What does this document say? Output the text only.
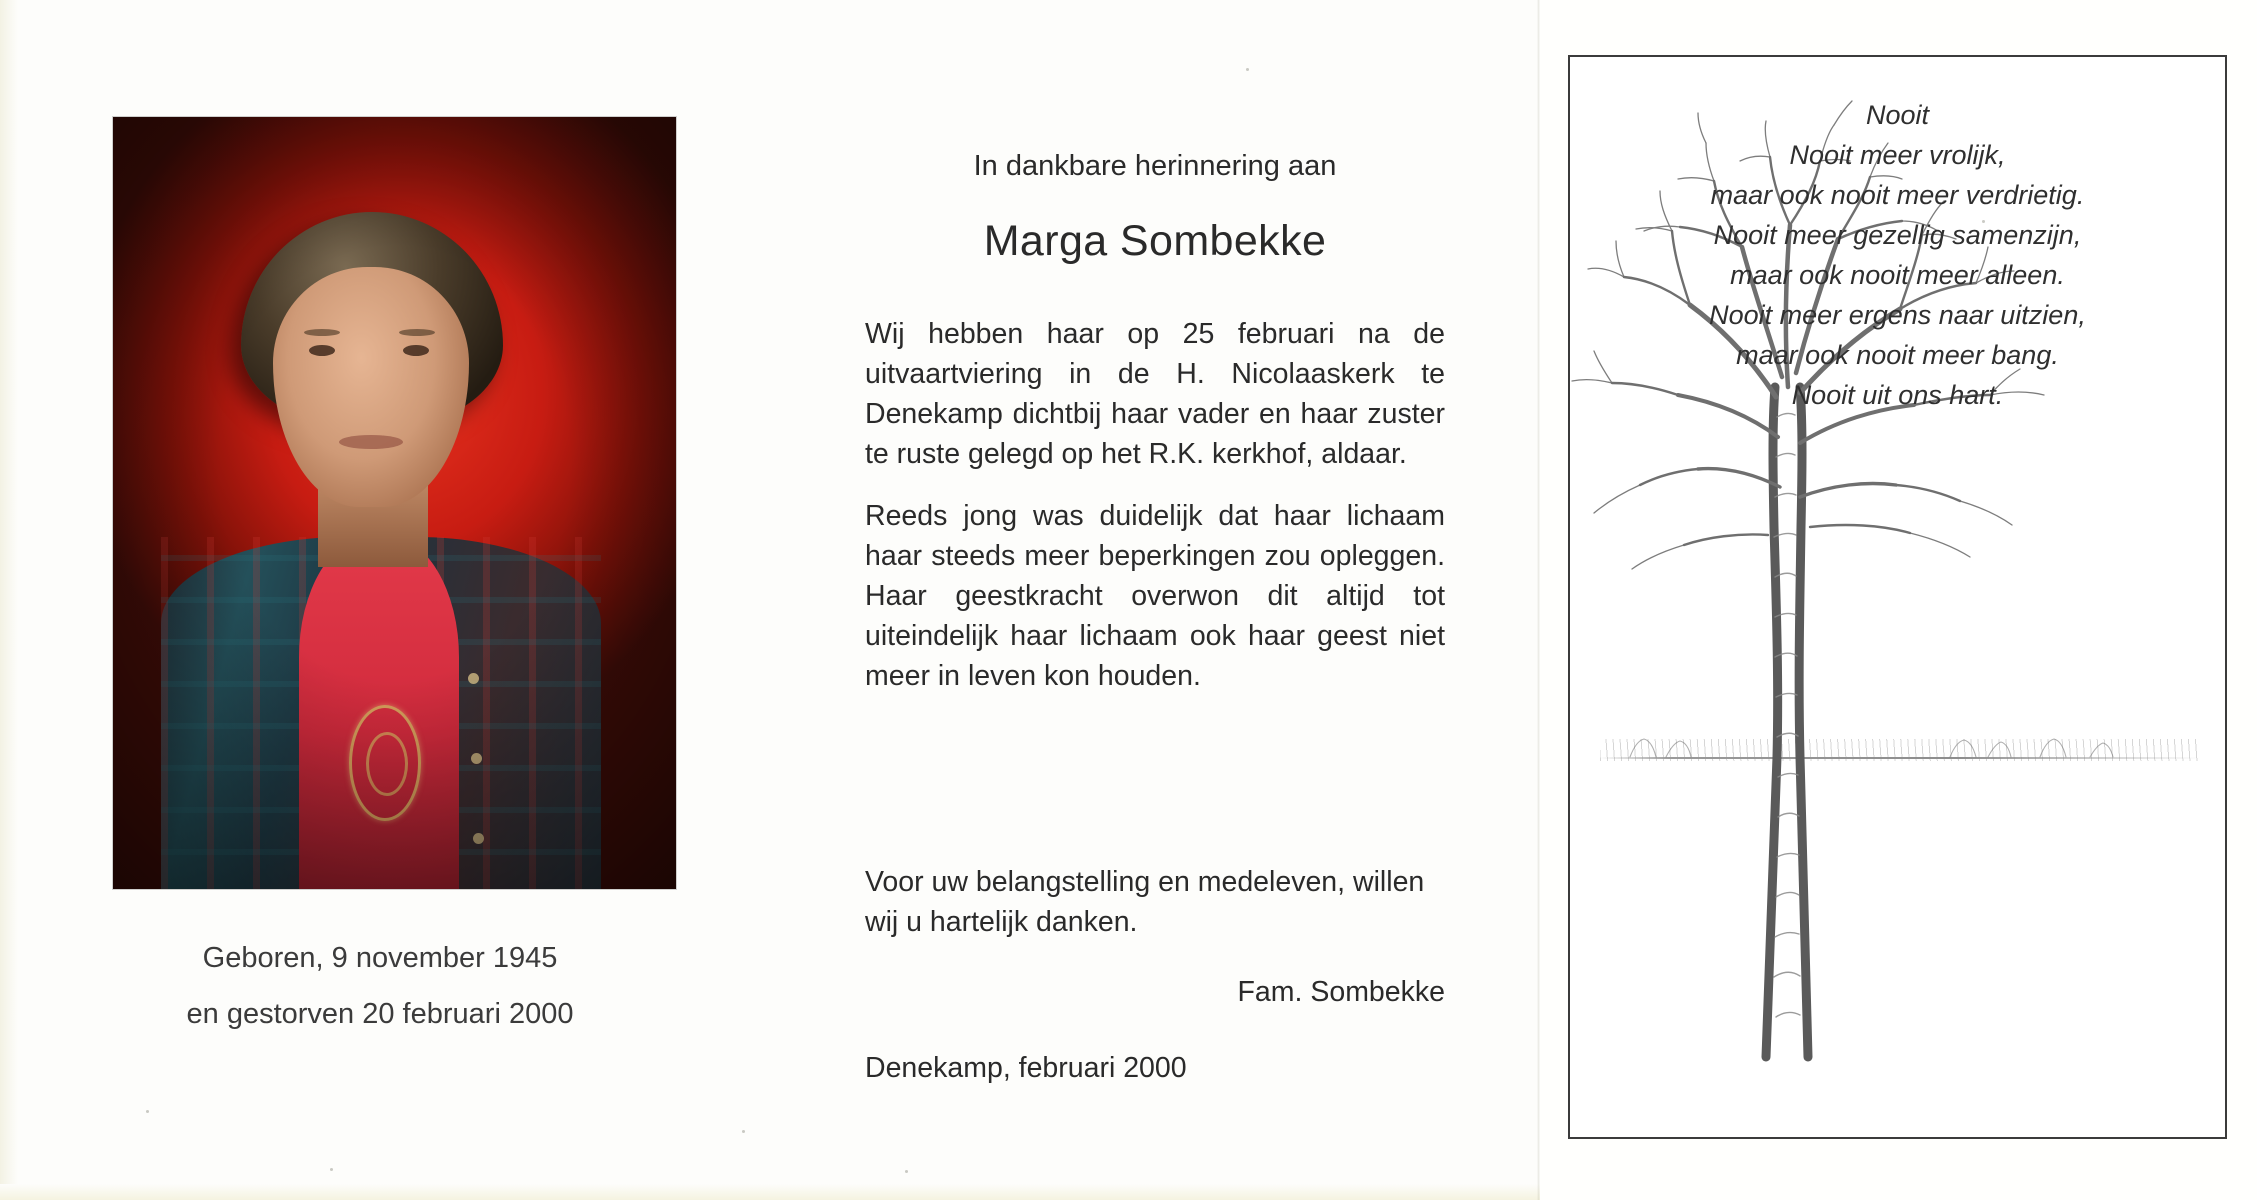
Geboren, 9 november 1945
en gestorven 20 februari 2000

In dankbare herinnering aan

Marga Sombekke

Wij hebben haar op 25 februari na de uitvaartviering in de H. Nicolaaskerk te Denekamp dichtbij haar vader en haar zuster te ruste gelegd op het R.K. kerkhof, aldaar.

Reeds jong was duidelijk dat haar lichaam haar steeds meer beperkingen zou opleggen. Haar geestkracht overwon dit altijd tot uiteindelijk haar lichaam ook haar geest niet meer in leven kon houden.

Voor uw belangstelling en medeleven, willen wij u hartelijk danken.
Fam. Sombekke
Denekamp, februari 2000
Nooit
Nooit meer vrolijk,
maar ook nooit meer verdrietig.
Nooit meer gezellig samenzijn,
maar ook nooit meer alleen.
Nooit meer ergens naar uitzien,
maar ook nooit meer bang.
Nooit uit ons hart.
